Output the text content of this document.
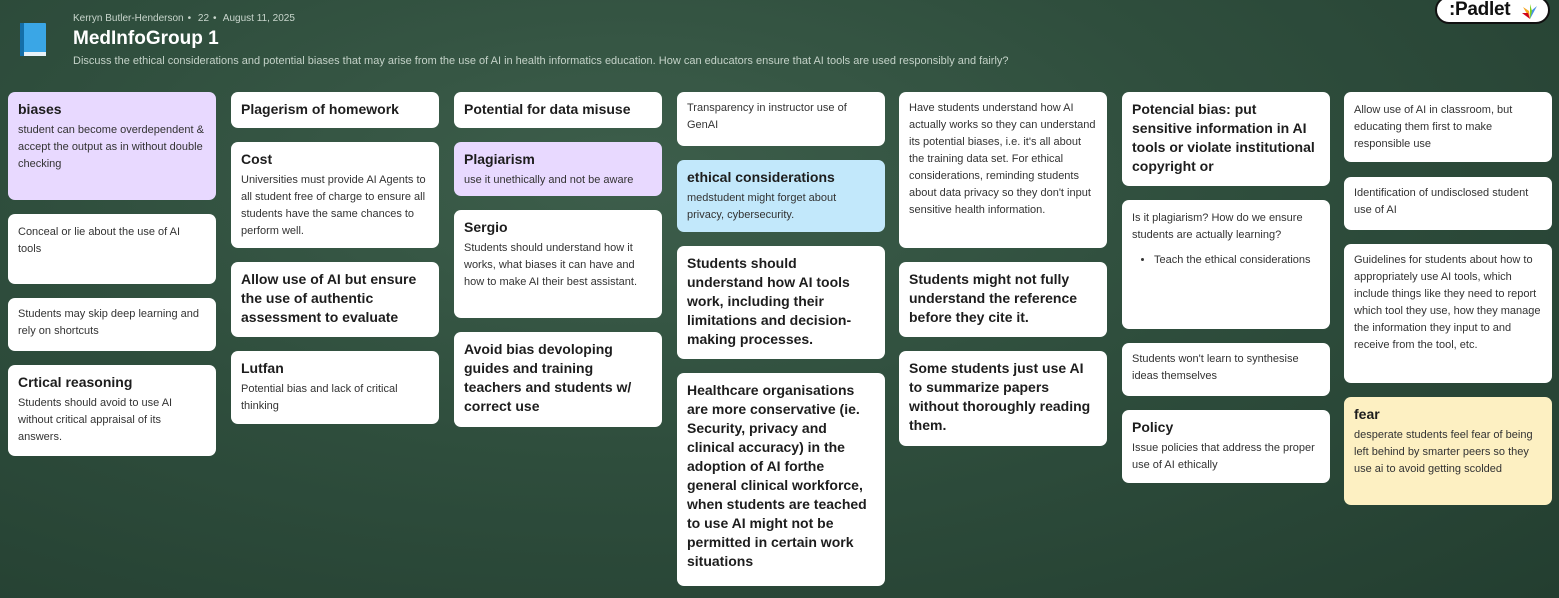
Kerryn Butler-Henderson • 22 • August 11, 2025
MedInfoGroup 1
Discuss the ethical considerations and potential biases that may arise from the use of AI in health informatics education. How can educators ensure that AI tools are used responsibly and fairly?
:Padlet
biases
student can become overdependent & accept the output as in without double checking
Conceal or lie about the use of AI tools
Students may skip deep learning and rely on shortcuts
Crtical reasoning
Students should avoid to use AI without critical appraisal of its answers.
Plagerism of homework
Cost
Universities must provide AI Agents to all student free of charge to ensure all students have the same chances to perform well.
Allow use of AI but ensure the use of authentic assessment to evaluate
Lutfan
Potential bias and lack of critical thinking
Potential for data misuse
Plagiarism
use it unethically and not be aware
Sergio
Students should understand how it works, what biases it can have and how to make AI their best assistant.
Avoid bias devoloping guides and training teachers and students w/ correct use
Transparency in instructor use of GenAI
ethical considerations
medstudent might forget about privacy, cybersecurity.
Students should understand how AI tools work, including their limitations and decision-making processes.
Healthcare organisations are more conservative (ie. Security, privacy and clinical accuracy) in the adoption of AI forthe general clinical workforce, when students are teached to use AI might not be permitted in certain work situations
Have students understand how AI actually works so they can understand its potential biases, i.e. it's all about the training data set. For ethical considerations, reminding students about data privacy so they don't input sensitive health information.
Students might not fully understand the reference before they cite it.
Some students just use AI to summarize papers without thoroughly reading them.
Potencial bias: put sensitive information in AI tools or violate institutional copyright or
Is it plagiarism? How do we ensure students are actually learning?
• Teach the ethical considerations
Students won't learn to synthesise ideas themselves
Policy
Issue policies that address the proper use of AI ethically
Allow use of AI in classroom, but educating them first to make responsible use
Identification of undisclosed student use of AI
Guidelines for students about how to appropriately use AI tools, which include things like they need to report which tool they use, how they manage the information they input to and receive from the tool, etc.
fear
desperate students feel fear of being left behind by smarter peers so they use ai to avoid getting scolded
